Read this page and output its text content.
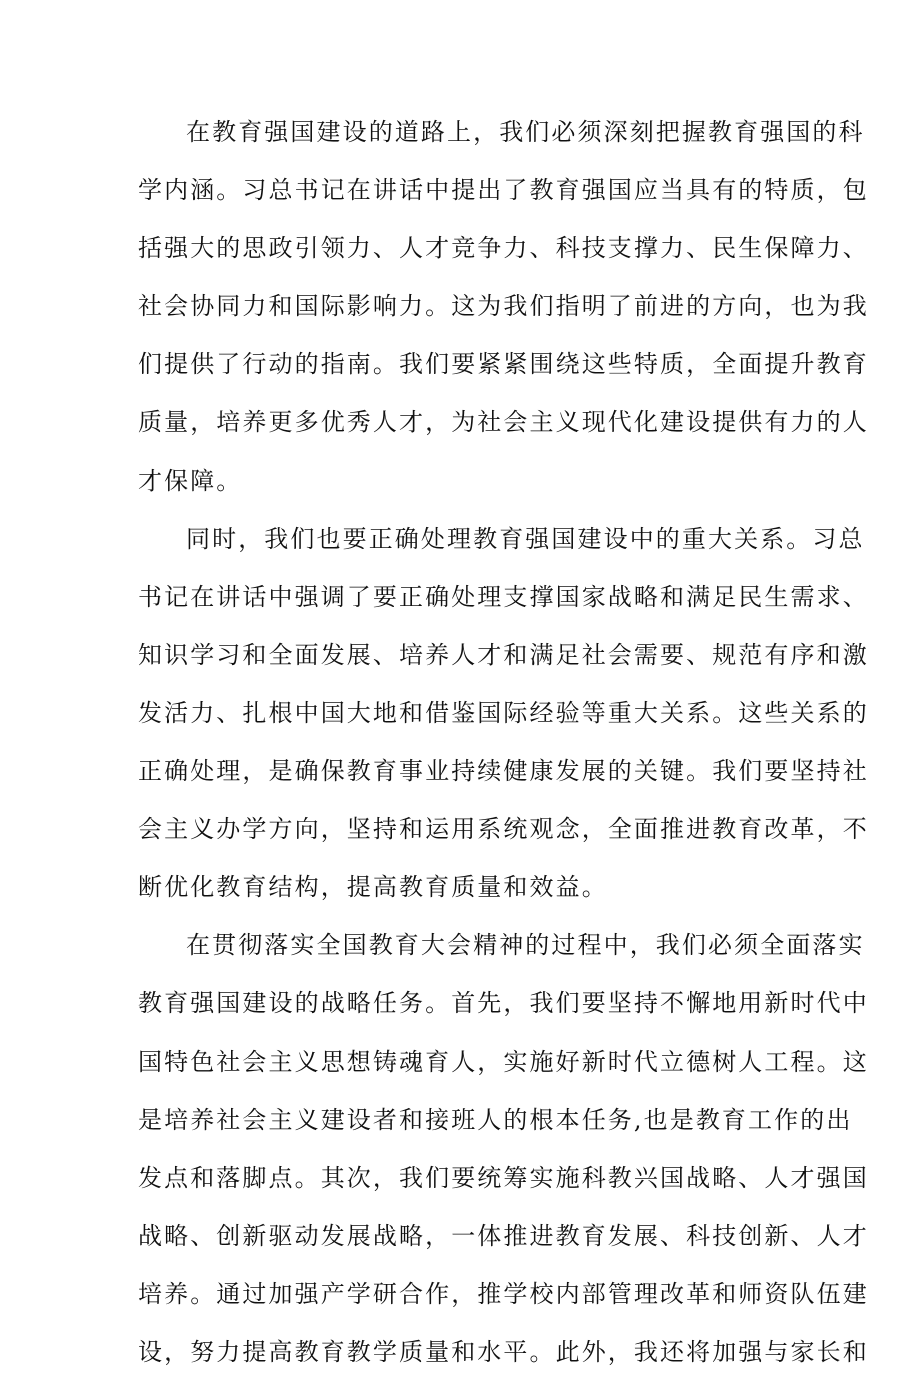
在教育强国建设的道路上，我们必须深刻把握教育强国的科
学内涵。习总书记在讲话中提出了教育强国应当具有的特质，包
括强大的思政引领力、人才竞争力、科技支撑力、民生保障力、
社会协同力和国际影响力。这为我们指明了前进的方向，也为我
们提供了行动的指南。我们要紧紧围绕这些特质，全面提升教育
质量，培养更多优秀人才，为社会主义现代化建设提供有力的人
才保障。
同时，我们也要正确处理教育强国建设中的重大关系。习总
书记在讲话中强调了要正确处理支撑国家战略和满足民生需求、
知识学习和全面发展、培养人才和满足社会需要、规范有序和激
发活力、扎根中国大地和借鉴国际经验等重大关系。这些关系的
正确处理，是确保教育事业持续健康发展的关键。我们要坚持社
会主义办学方向，坚持和运用系统观念，全面推进教育改革，不
断优化教育结构，提高教育质量和效益。
在贯彻落实全国教育大会精神的过程中，我们必须全面落实
教育强国建设的战略任务。首先，我们要坚持不懈地用新时代中
国特色社会主义思想铸魂育人，实施好新时代立德树人工程。这
是培养社会主义建设者和接班人的根本任务,也是教育工作的出
发点和落脚点。其次，我们要统筹实施科教兴国战略、人才强国
战略、创新驱动发展战略，一体推进教育发展、科技创新、人才
培养。通过加强产学研合作，推学校内部管理改革和师资队伍建
设，努力提高教育教学质量和水平。此外，我还将加强与家长和
